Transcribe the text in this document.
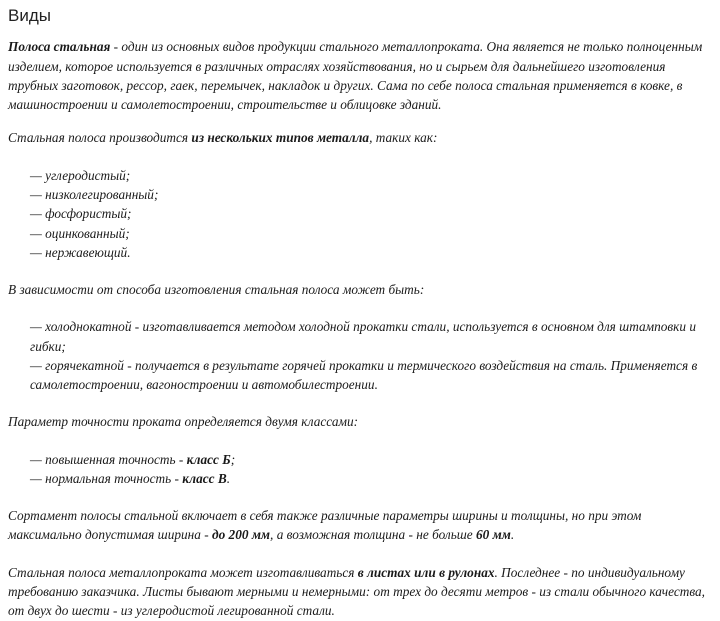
Виды

Полоса стальная - один из основных видов продукции стального металлопроката. Она является не только полноценным изделием, которое используется в различных отраслях хозяйствования, но и сырьем для дальнейшего изготовления трубных заготовок, рессор, гаек, перемычек, накладок и других. Сама по себе полоса стальная применяется в ковке, в машиностроении и самолетостроении, строительстве и облицовке зданий.

Стальная полоса производится из нескольких типов металла, таких как:

— углеродистый;
— низколегированный;
— фосфористый;
— оцинкованный;
— нержавеющий.

В зависимости от способа изготовления стальная полоса может быть:

— холоднокатной - изготавливается методом холодной прокатки стали, используется в основном для штамповки и гибки;
— горячекатной - получается в результате горячей прокатки и термического воздействия на сталь. Применяется в самолетостроении, вагоностроении и автомобилестроении.

Параметр точности проката определяется двумя классами:

— повышенная точность - класс Б;
— нормальная точность - класс В.

Сортамент полосы стальной включает в себя также различные параметры ширины и толщины, но при этом максимально допустимая ширина - до 200 мм, а возможная толщина - не больше 60 мм.

Стальная полоса металлопроката может изготавливаться в листах или в рулонах. Последнее - по индивидуальному требованию заказчика. Листы бывают мерными и немерными: от трех до десяти метров - из стали обычного качества, от двух до шести - из углеродистой легированной стали.
